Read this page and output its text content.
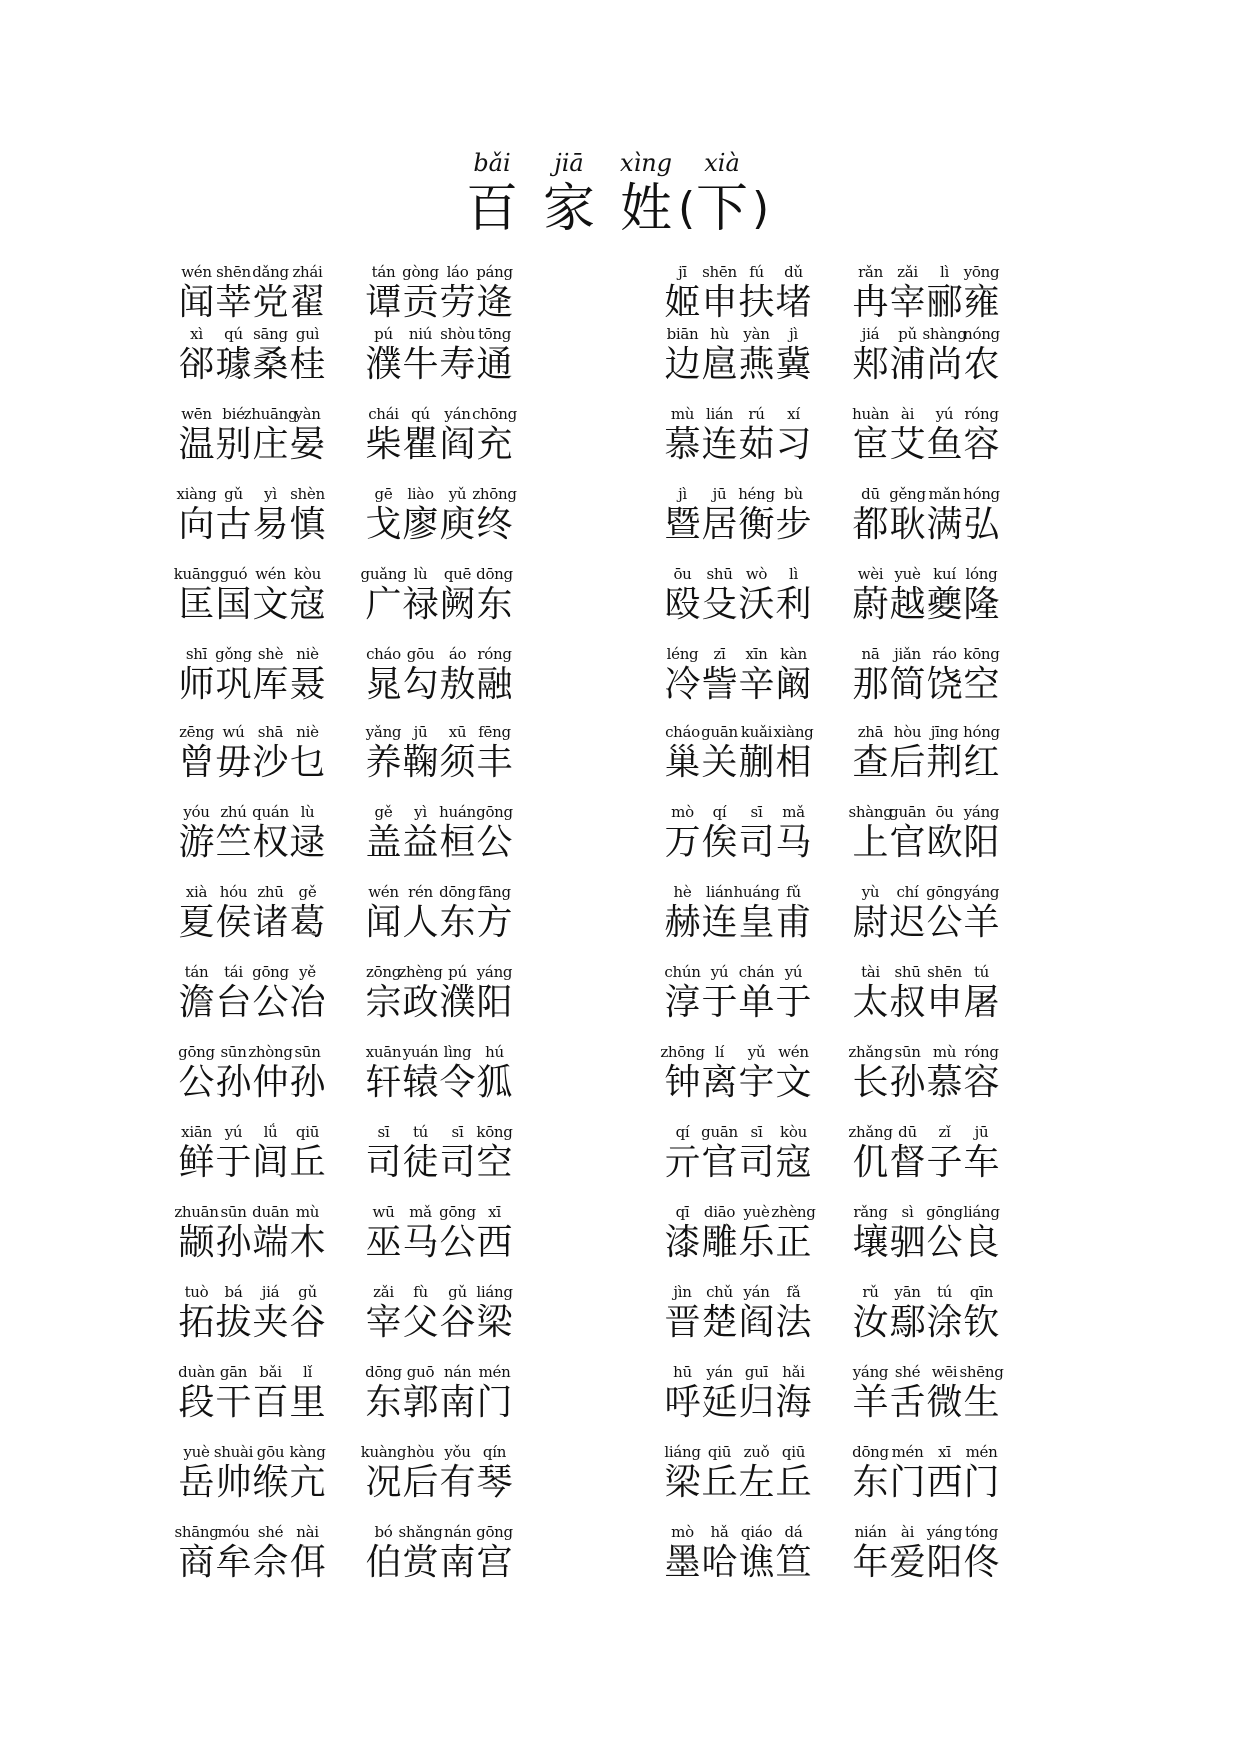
bǎi
百
jiā
家
xìng
姓 (
xià
下 )
wén
闻
shēn
莘
dǎng
党
zhái
翟
tán
谭
gòng
贡
láo
劳
páng
逄
jī
姬
shēn
申
fú
扶
dǔ
堵
rǎn
冉
zǎi
宰
lì
郦
yōng
雍
xì
郤
qú
璩
sāng
桑
guì
桂
pú
濮
niú
牛
shòu
寿
tōng
通
biān
边
hù
扈
yàn
燕
jì
冀
jiá
郏
pǔ
浦
shàng
尚
nóng
农
wēn
温
bié
别
zhuāng
庄
yàn
晏
chái
柴
qú
瞿
yán
阎
chōng
充
mù
慕
lián
连
rú
茹
xí
习
huàn
宦
ài
艾
yú
鱼
róng
容
xiàng
向
gǔ
古
yì
易
shèn
慎
gē
戈
liào
廖
yǔ
庾
zhōng
终
jì
暨
jū
居
héng
衡
bù
步
dū
都
gěng
耿
mǎn
满
hóng
弘
kuāng
匡
guó
国
wén
文
kòu
寇
guǎng
广
lù
禄
quē
阙
dōng
东
ōu
殴
shū
殳
wò
沃
lì
利
wèi
蔚
yuè
越
kuí
夔
lóng
隆
shī
师
gǒng
巩
shè
厍
niè
聂
cháo
晁
gōu
勾
áo
敖
róng
融
léng
冷
zī
訾
xīn
辛
kàn
阚
nā
那
jiǎn
简
ráo
饶
kōng
空
zēng
曾
wú
毋
shā
沙
niè
乜
yǎng
养
jū
鞠
xū
须
fēng
丰
cháo
巢
guān
关
kuǎi
蒯
xiàng
相
zhā
查
hòu
后
jīng
荆
hóng
红
yóu
游
zhú
竺
quán
权
lù
逯
gě
盖
yì
益
huán
桓
gōng
公
mò
万
qí
俟
sī
司
mǎ
马
shàng
上
guān
官
ōu
欧
yáng
阳
xià
夏
hóu
侯
zhū
诸
gě
葛
wén
闻
rén
人
dōng
东
fāng
方
hè
赫
lián
连
huáng
皇
fǔ
甫
yù
尉
chí
迟
gōng
公
yáng
羊
tán
澹
tái
台
gōng
公
yě
冶
zōng
宗
zhèng
政
pú
濮
yáng
阳
chún
淳
yú
于
chán
单
yú
于
tài
太
shū
叔
shēn
申
tú
屠
gōng
公
sūn
孙
zhòng
仲
sūn
孙
xuān
轩
yuán
辕
lìng
令
hú
狐
zhōng
钟
lí
离
yǔ
宇
wén
文
zhǎng
长
sūn
孙
mù
慕
róng
容
xiān
鲜
yú
于
lǘ
闾
qiū
丘
sī
司
tú
徒
sī
司
kōng
空
qí
亓
guān
官
sī
司
kòu
寇
zhǎng
仉
dū
督
zǐ
子
jū
车
zhuān
颛
sūn
孙
duān
端
mù
木
wū
巫
mǎ
马
gōng
公
xī
西
qī
漆
diāo
雕
yuè
乐
zhèng
正
rǎng
壤
sì
驷
gōng
公
liáng
良
tuò
拓
bá
拔
jiá
夹
gǔ
谷
zǎi
宰
fù
父
gǔ
谷
liáng
梁
jìn
晋
chǔ
楚
yán
阎
fǎ
法
rǔ
汝
yān
鄢
tú
涂
qīn
钦
duàn
段
gān
干
bǎi
百
lǐ
里
dōng
东
guō
郭
nán
南
mén
门
hū
呼
yán
延
guī
归
hǎi
海
yáng
羊
shé
舌
wēi
微
shēng
生
yuè
岳
shuài
帅
gōu
缑
kàng
亢
kuàng
况
hòu
后
yǒu
有
qín
琴
liáng
梁
qiū
丘
zuǒ
左
qiū
丘
dōng
东
mén
门
xī
西
mén
门
shāng
商
móu
牟
shé
佘
nài
佴
bó
伯
shǎng
赏
nán
南
gōng
宫
mò
墨
hǎ
哈
qiáo
谯
dá
笪
nián
年
ài
爱
yáng
阳
tóng
佟
